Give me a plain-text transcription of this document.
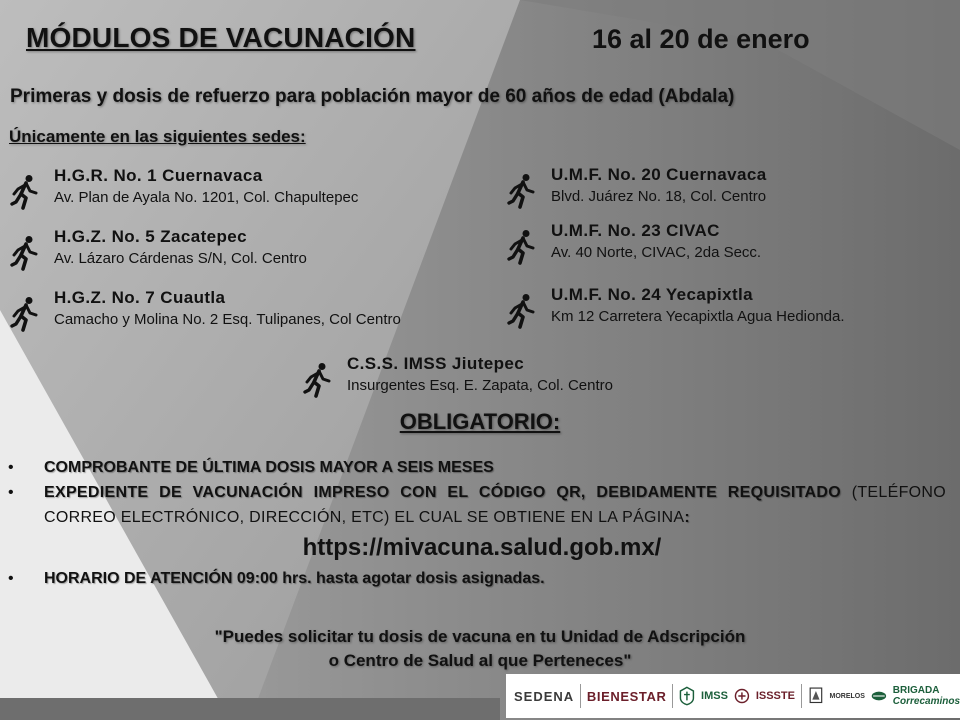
MÓDULOS DE VACUNACIÓN	16 al 20 de enero
Primeras y dosis de refuerzo para población mayor de 60 años de edad (Abdala)
Únicamente en las siguientes sedes:
H.G.R. No. 1 Cuernavaca
Av. Plan de Ayala No. 1201, Col. Chapultepec
H.G.Z. No. 5 Zacatepec
Av. Lázaro Cárdenas S/N, Col. Centro
H.G.Z. No. 7 Cuautla
Camacho y Molina No. 2 Esq. Tulipanes, Col Centro
U.M.F. No. 20 Cuernavaca
Blvd. Juárez No. 18, Col. Centro
U.M.F. No. 23 CIVAC
Av. 40 Norte, CIVAC, 2da Secc.
U.M.F. No. 24 Yecapixtla
Km 12 Carretera Yecapixtla Agua Hedionda.
C.S.S. IMSS Jiutepec
Insurgentes Esq. E. Zapata, Col. Centro
OBLIGATORIO:
• COMPROBANTE DE ÚLTIMA DOSIS MAYOR A SEIS MESES
• EXPEDIENTE DE VACUNACIÓN IMPRESO CON EL CÓDIGO QR, DEBIDAMENTE REQUISITADO (TELÉFONO CORREO ELECTRÓNICO, DIRECCIÓN, ETC) EL CUAL SE OBTIENE EN LA PÁGINA:
https://mivacuna.salud.gob.mx/
• HORARIO DE ATENCIÓN 09:00 hrs. hasta agotar dosis asignadas.
"Puedes solicitar tu dosis de vacuna en tu Unidad de Adscripción
o Centro de Salud al que Perteneces"
SEDENA BIENESTAR	IMSS	ISSSTE	MORELOS	BRIGADA
Correcaminos
